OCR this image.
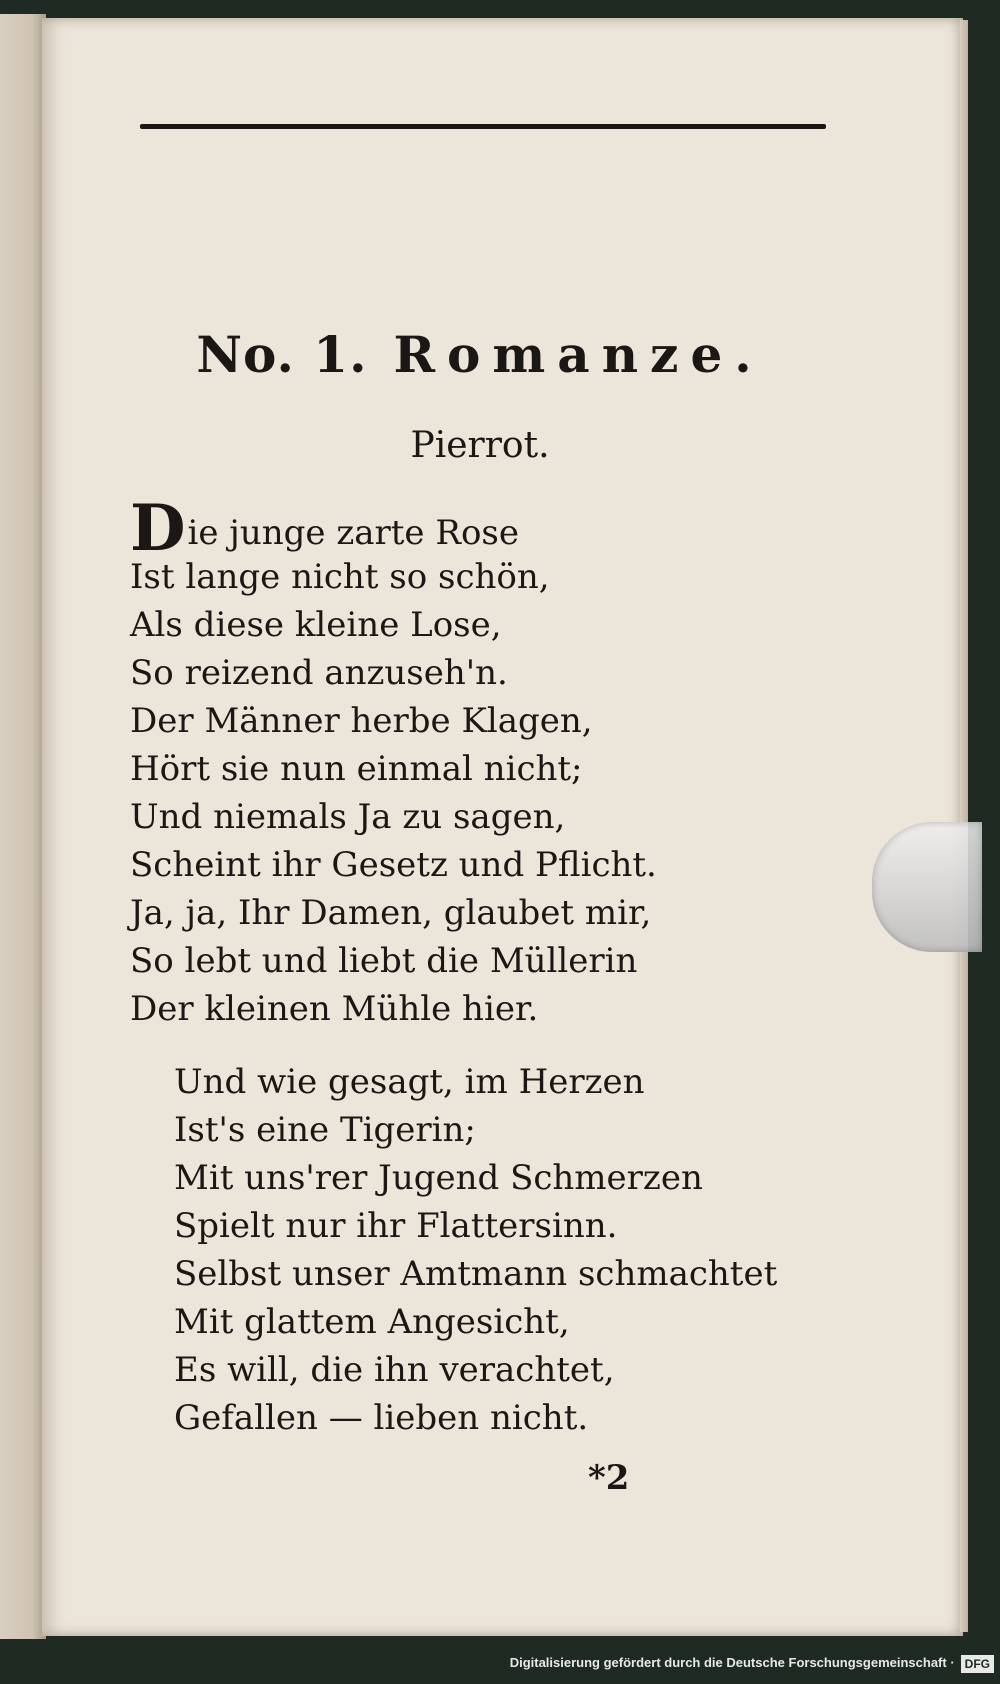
No. 1. Romanze.
Pierrot.
Die junge zarte Rose
Ist lange nicht so schön,
Als diese kleine Lose,
So reizend anzuseh'n.
Der Männer herbe Klagen,
Hört sie nun einmal nicht;
Und niemals Ja zu sagen,
Scheint ihr Gesetz und Pflicht.
Ja, ja, Ihr Damen, glaubet mir,
So lebt und liebt die Müllerin
Der kleinen Mühle hier.
Und wie gesagt, im Herzen
Ist's eine Tigerin;
Mit uns'rer Jugend Schmerzen
Spielt nur ihr Flattersinn.
Selbst unser Amtmann schmachtet
Mit glattem Angesicht,
Es will, die ihn verachtet,
Gefallen — lieben nicht.
*2
Digitalisierung gefördert durch die Deutsche Forschungsgemeinschaft · DFG
